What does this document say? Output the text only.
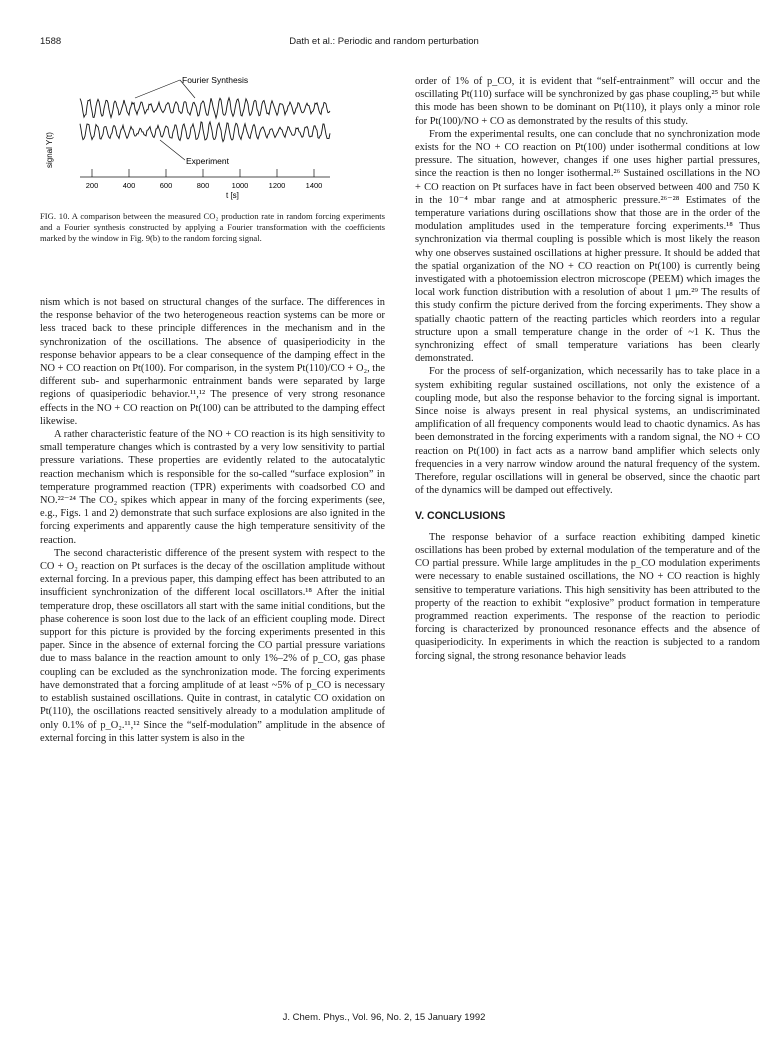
1588	Dath et al.: Periodic and random perturbation
signal Y(t)
Fourier Synthesis
Experiment
200	400	600	800	1000	1200	1400
t [s]
FIG. 10. A comparison between the measured CO₂ production rate in random forcing experiments and a Fourier synthesis constructed by applying a Fourier transformation with the coefficients marked by the window in Fig. 9(b) to the random forcing signal.

nism which is not based on structural changes of the surface. The differences in the response behavior of the two heterogeneous reaction systems can be more or less traced back to these principle differences in the mechanism and in the synchronization of the oscillations. The absence of quasiperiodicity in the response behavior appears to be a clear consequence of the damping effect in the NO + CO reaction on Pt(100). For comparison, in the system Pt(110)/CO + O₂, the different sub- and superharmonic entrainment bands were separated by large regions of quasiperiodic behavior.¹¹,¹² The presence of very strong resonance effects in the NO + CO reaction on Pt(100) can be attributed to the damping effect likewise.

A rather characteristic feature of the NO + CO reaction is its high sensitivity to small temperature changes which is contrasted by a very low sensitivity to partial pressure variations. These properties are evidently related to the autocatalytic reaction mechanism which is responsible for the so-called “surface explosion” in temperature programmed reaction (TPR) experiments with coadsorbed CO and NO.²²⁻²⁴ The CO₂ spikes which appear in many of the forcing experiments (see, e.g., Figs. 1 and 2) demonstrate that such surface explosions are also ignited in the forcing experiments and apparently cause the high temperature sensitivity of the reaction.

The second characteristic difference of the present system with respect to the CO + O₂ reaction on Pt surfaces is the decay of the oscillation amplitude without external forcing. In a previous paper, this damping effect has been attributed to an insufficient synchronization of the different local oscillators.¹⁸ After the initial temperature drop, these oscillators all start with the same initial conditions, but the phase coherence is soon lost due to the lack of an efficient coupling mode. Direct support for this picture is provided by the forcing experiments presented in this paper. Since in the absence of external forcing the CO partial pressure variations due to mass balance in the reaction amount to only 1%–2% of p_CO, gas phase coupling can be excluded as the synchronization mode. The forcing experiments have demonstrated that a forcing amplitude of at least ~5% of p_CO is necessary to establish sustained oscillations. Quite in contrast, in catalytic CO oxidation on Pt(110), the oscillations reacted sensitively already to a modulation amplitude of only 0.1% of p_O₂.¹¹,¹² Since the “self-modulation” amplitude in the absence of external forcing in this latter system is also in the

order of 1% of p_CO, it is evident that “self-entrainment” will occur and the oscillating Pt(110) surface will be synchronized by gas phase coupling,²⁵ but while this mode has been shown to be dominant on Pt(110), it plays only a minor role for Pt(100)/NO + CO as demonstrated by the results of this study.

From the experimental results, one can conclude that no synchronization mode exists for the NO + CO reaction on Pt(100) under isothermal conditions at low pressure. The situation, however, changes if one uses higher partial pressures, since the reaction is then no longer isothermal.²⁶ Sustained oscillations in the NO + CO reaction on Pt surfaces have in fact been observed between 400 and 750 K in the 10⁻⁴ mbar range and at atmospheric pressure.²⁶⁻²⁸ Estimates of the temperature variations during oscillations show that those are in the order of the modulation amplitudes used in the temperature forcing experiments.¹⁸ Thus synchronization via thermal coupling is possible which is most likely the reason why one observes sustained oscillations at higher pressure. It should be added that the spatial organization of the NO + CO reaction on Pt(100) is currently being investigated with a photoemission electron microscope (PEEM) which images the local work function distribution with a resolution of about 1 μm.²⁹ The results of this study confirm the picture derived from the forcing experiments. They show a spatially chaotic pattern of the reacting particles which reorders into a regular structure upon a small temperature change in the order of ~1 K. Thus the synchronizing effect of small temperature variations has been clearly demonstrated.

For the process of self-organization, which necessarily has to take place in a system exhibiting regular sustained oscillations, not only the existence of a coupling mode, but also the response behavior to the forcing signal is important. Since noise is always present in real physical systems, an undiscriminated amplification of all frequency components would lead to chaotic dynamics. As has been demonstrated in the forcing experiments with a random signal, the NO + CO reaction on Pt(100) in fact acts as a narrow band amplifier which selects only frequencies in a very narrow window around the natural frequency of the system. Therefore, regular oscillations will in general be observed, since the chaotic part of the dynamics will be damped out effectively.

V. CONCLUSIONS

The response behavior of a surface reaction exhibiting damped kinetic oscillations has been probed by external modulation of the temperature and of the CO partial pressure. While large amplitudes in the p_CO modulation experiments were necessary to enable sustained oscillations, the NO + CO reaction is highly sensitive to temperature variations. This high sensitivity has been attributed to the property of the reaction to exhibit “explosive” product formation in temperature programmed reaction experiments. The response of the reaction to periodic forcing is characterized by pronounced resonance effects and the absence of quasiperiodicity. In experiments in which the reaction is subjected to a random forcing signal, the strong resonance behavior leads

J. Chem. Phys., Vol. 96, No. 2, 15 January 1992
